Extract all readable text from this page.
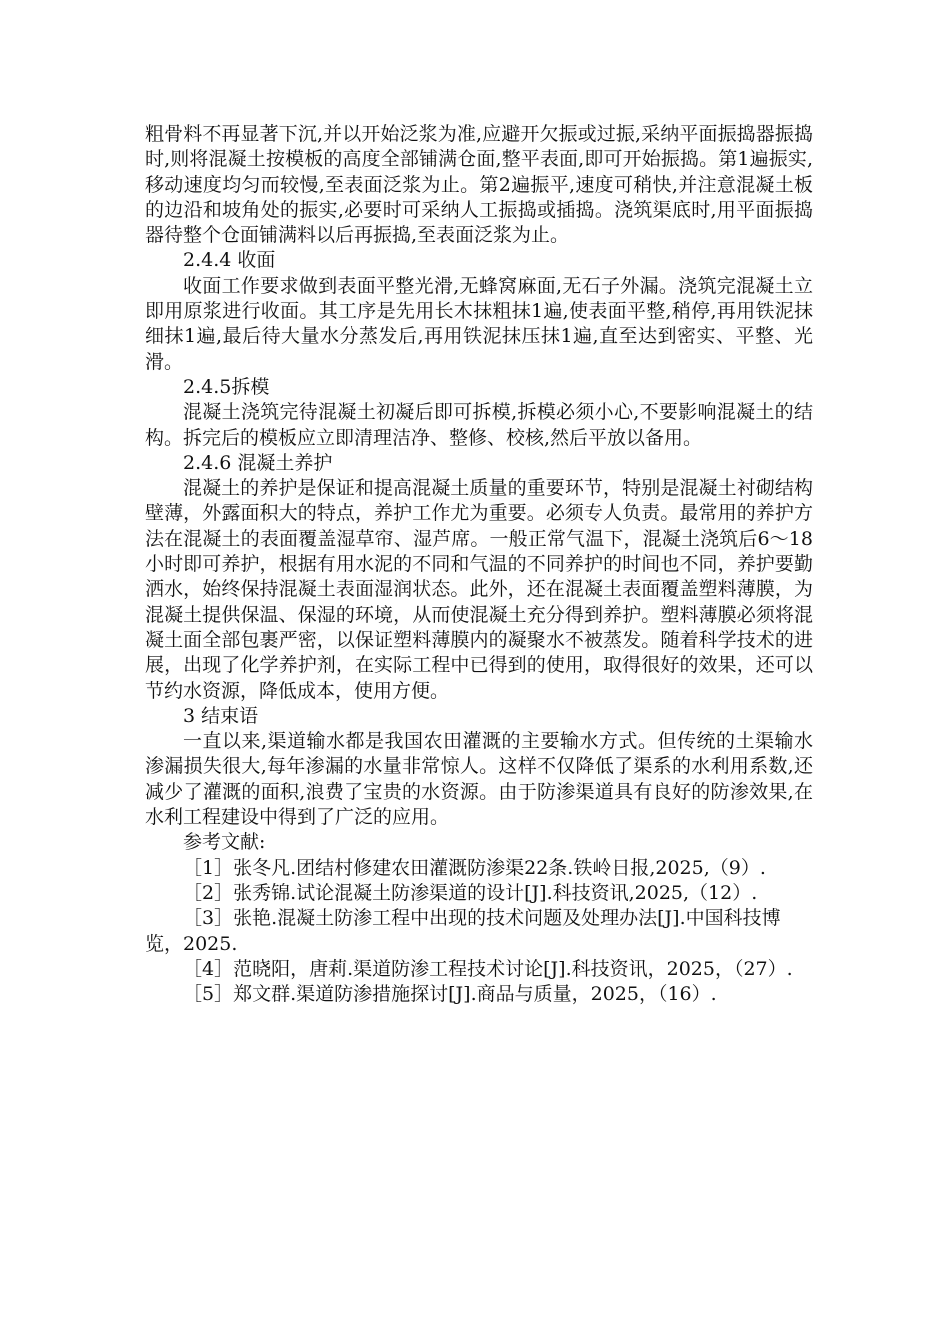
粗骨料不再显著下沉,并以开始泛浆为准,应避开欠振或过振,采纳平面振捣器振捣时,则将混凝土按模板的高度全部铺满仓面,整平表面,即可开始振捣。第1遍振实,移动速度均匀而较慢,至表面泛浆为止。第2遍振平,速度可稍快,并注意混凝土板的边沿和坡角处的振实,必要时可采纳人工振捣或插捣。浇筑渠底时,用平面振捣器待整个仓面铺满料以后再振捣,至表面泛浆为止。

2.4.4 收面

收面工作要求做到表面平整光滑,无蜂窝麻面,无石子外漏。浇筑完混凝土立即用原浆进行收面。其工序是先用长木抹粗抹1遍,使表面平整,稍停,再用铁泥抹细抹1遍,最后待大量水分蒸发后,再用铁泥抹压抹1遍,直至达到密实、平整、光滑。

2.4.5拆模

混凝土浇筑完待混凝土初凝后即可拆模,拆模必须小心,不要影响混凝土的结构。拆完后的模板应立即清理洁净、整修、校核,然后平放以备用。

2.4.6 混凝土养护

混凝土的养护是保证和提高混凝土质量的重要环节，特别是混凝土衬砌结构壁薄，外露面积大的特点，养护工作尤为重要。必须专人负责。最常用的养护方法在混凝土的表面覆盖湿草帘、湿芦席。一般正常气温下，混凝土浇筑后6～18小时即可养护，根据有用水泥的不同和气温的不同养护的时间也不同，养护要勤洒水，始终保持混凝土表面湿润状态。此外，还在混凝土表面覆盖塑料薄膜，为混凝土提供保温、保湿的环境，从而使混凝土充分得到养护。塑料薄膜必须将混凝土面全部包裹严密，以保证塑料薄膜内的凝聚水不被蒸发。随着科学技术的进展，出现了化学养护剂，在实际工程中已得到的使用，取得很好的效果，还可以节约水资源，降低成本，使用方便。

3 结束语

一直以来,渠道输水都是我国农田灌溉的主要输水方式。但传统的土渠输水渗漏损失很大,每年渗漏的水量非常惊人。这样不仅降低了渠系的水利用系数,还减少了灌溉的面积,浪费了宝贵的水资源。由于防渗渠道具有良好的防渗效果,在水利工程建设中得到了广泛的应用。

参考文献:

［1］张冬凡.团结村修建农田灌溉防渗渠22条.铁岭日报,2025,（9）.

［2］张秀锦.试论混凝土防渗渠道的设计[J].科技资讯,2025,（12）.

［3］张艳.混凝土防渗工程中出现的技术问题及处理办法[J].中国科技博览，2025.

［4］范晓阳，唐莉.渠道防渗工程技术讨论[J].科技资讯，2025，（27）.

［5］郑文群.渠道防渗措施探讨[J].商品与质量，2025，（16）.
